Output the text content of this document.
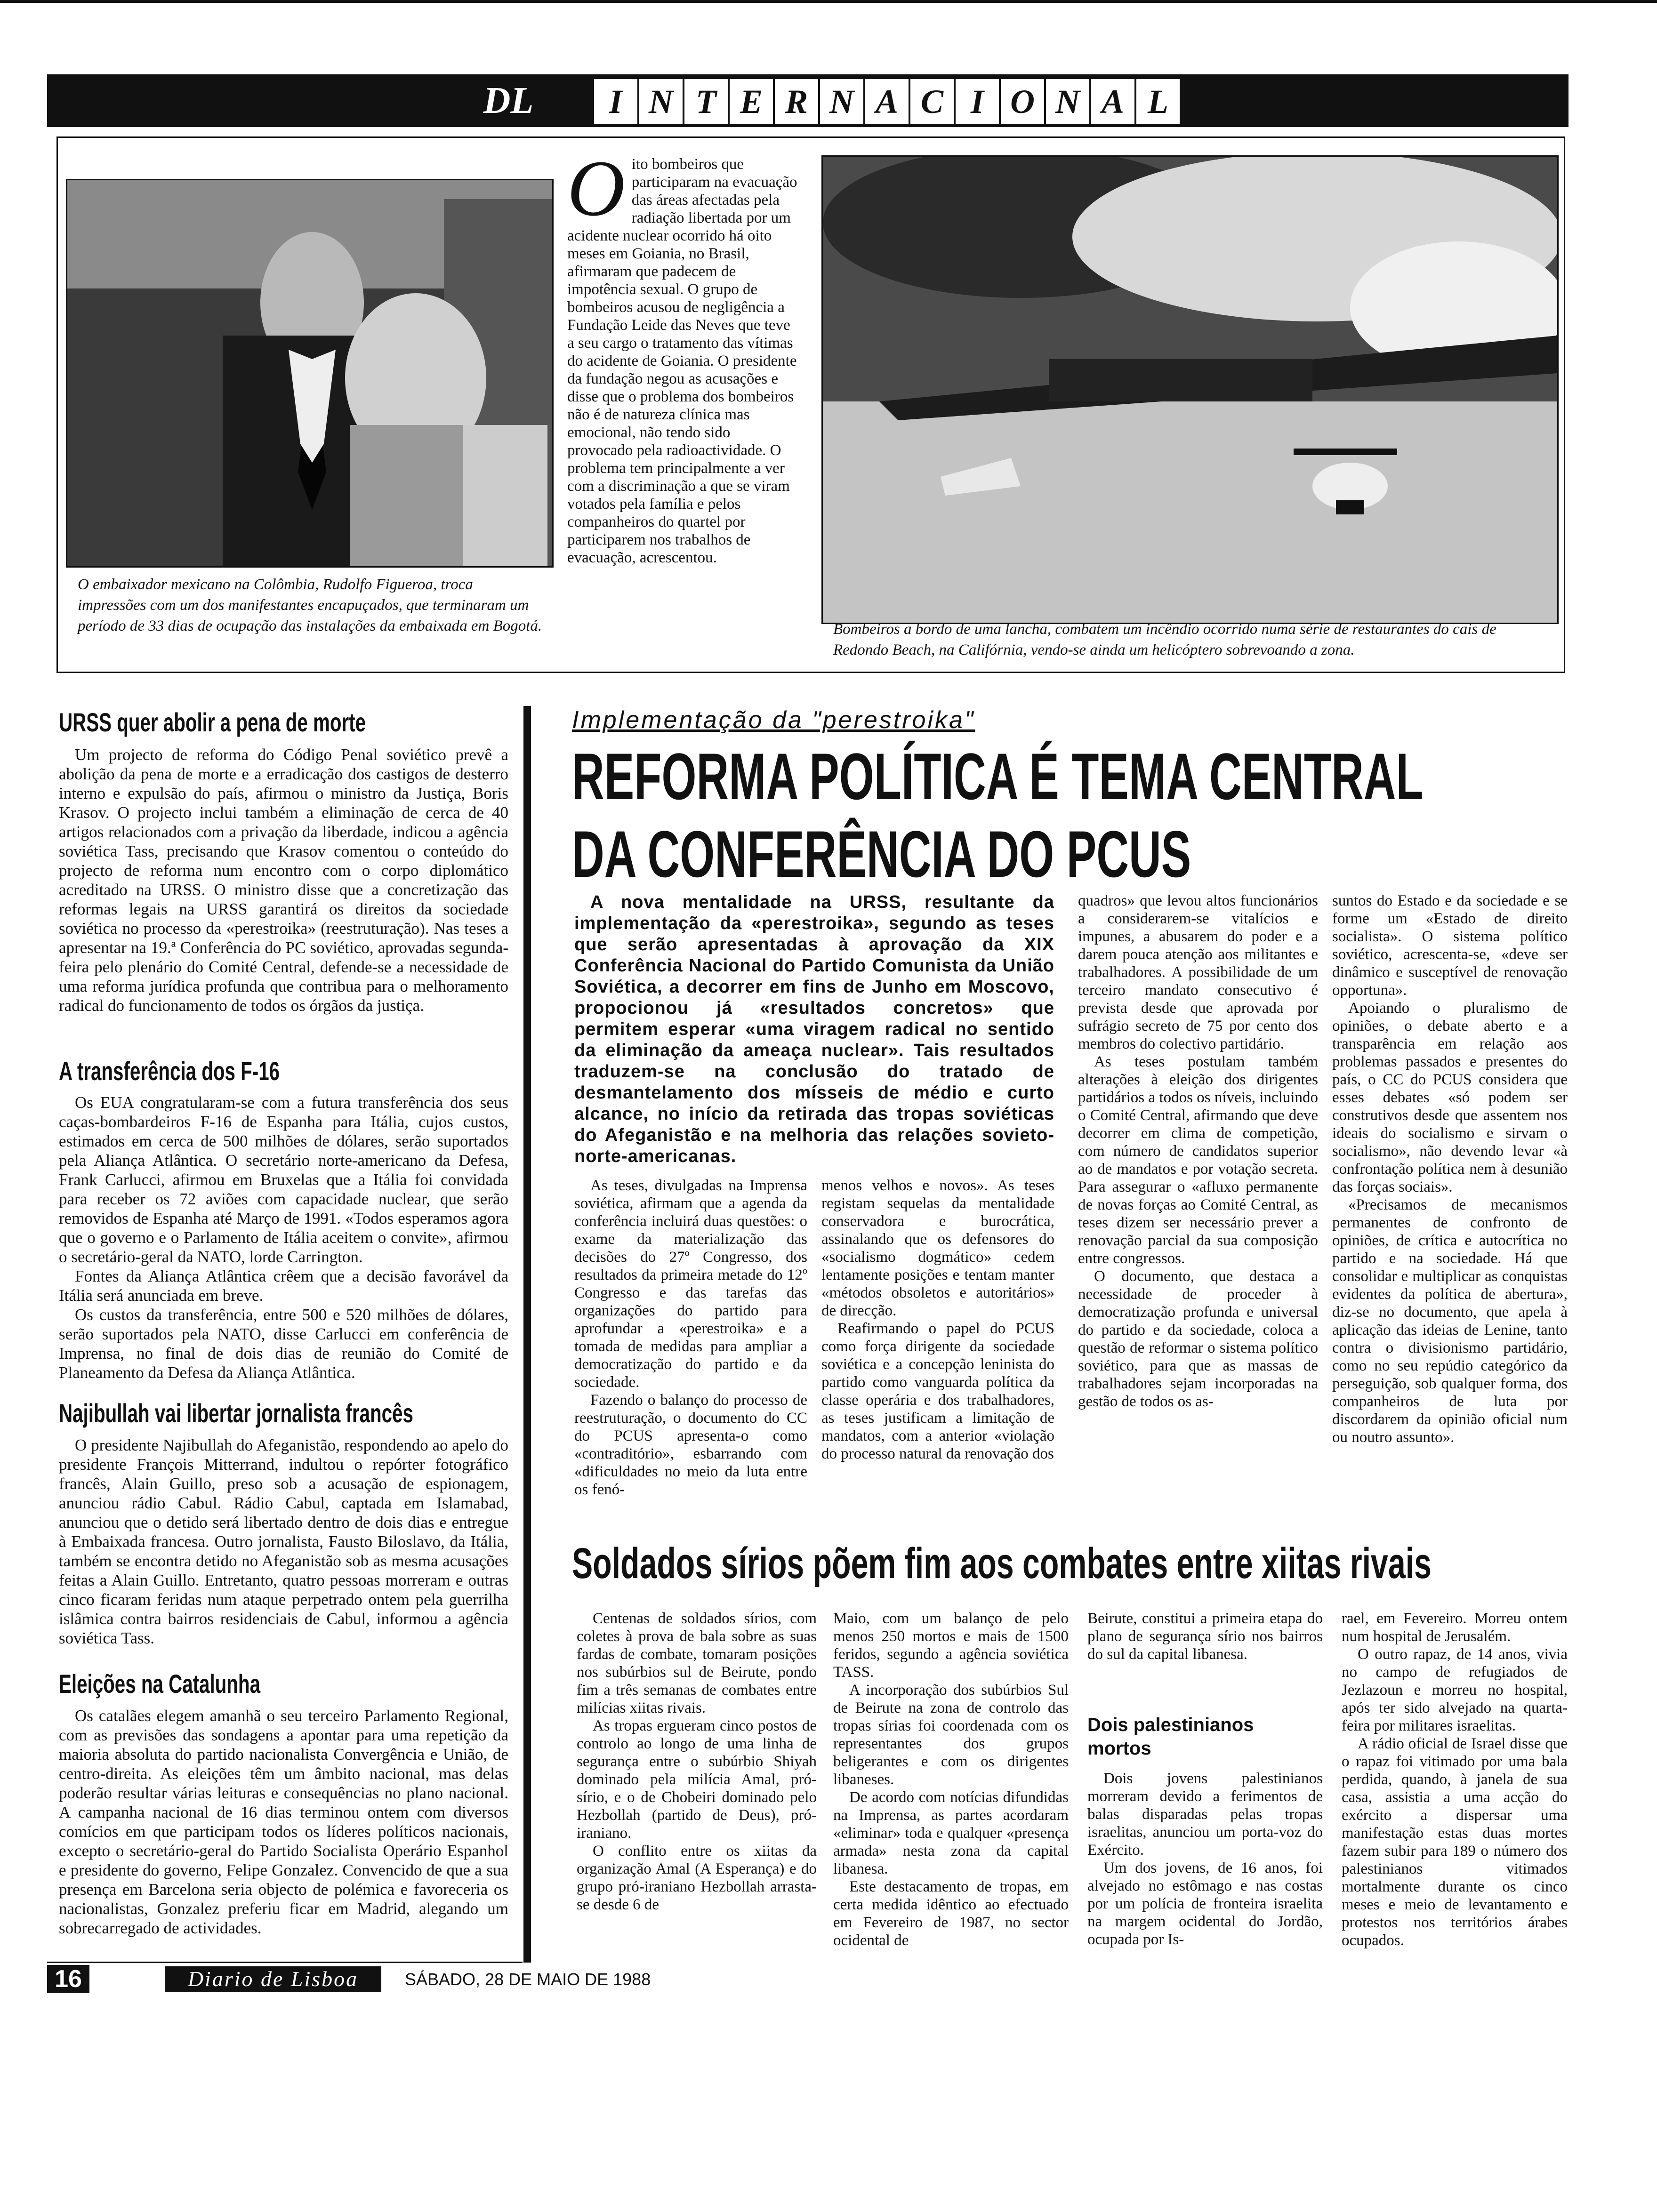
DL	I N T E R N A C I O N A L
O embaixador mexicano na Colômbia, Rudolfo Figueroa, troca impressões com um dos manifestantes encapuçados, que terminaram um período de 33 dias de ocupação das instalações da embaixada em Bogotá.
O ito bombeiros que participaram na evacuação das áreas afectadas pela radiação libertada por um acidente nuclear ocorrido há oito meses em Goiania, no Brasil, afirmaram que padecem de impotência sexual. O grupo de bombeiros acusou de negligência a Fundação Leide das Neves que teve a seu cargo o tratamento das vítimas do acidente de Goiania. O presidente da fundação negou as acusações e disse que o problema dos bombeiros não é de natureza clínica mas emocional, não tendo sido provocado pela radioactividade. O problema tem principalmente a ver com a discriminação a que se viram votados pela família e pelos companheiros do quartel por participarem nos trabalhos de evacuação, acrescentou.
Bombeiros a bordo de uma lancha, combatem um incêndio ocorrido numa série de restaurantes do cais de Redondo Beach, na Califórnia, vendo-se ainda um helicóptero sobrevoando a zona.
URSS quer abolir a pena de morte

Um projecto de reforma do Código Penal soviético prevê a abolição da pena de morte e a erradicação dos castigos de desterro interno e expulsão do país, afirmou o ministro da Justiça, Boris Krasov. O projecto inclui também a eliminação de cerca de 40 artigos relacionados com a privação da liberdade, indicou a agência soviética Tass, precisando que Krasov comentou o conteúdo do projecto de reforma num encontro com o corpo diplomático acreditado na URSS. O ministro disse que a concretização das reformas legais na URSS garantirá os direitos da sociedade soviética no processo da «perestroika» (reestruturação). Nas teses a apresentar na 19.ª Conferência do PC soviético, aprovadas segunda-feira pelo plenário do Comité Central, defende-se a necessidade de uma reforma jurídica profunda que contribua para o melhoramento radical do funcionamento de todos os órgãos da justiça.

A transferência dos F-16

Os EUA congratularam-se com a futura transferência dos seus caças-bombardeiros F-16 de Espanha para Itália, cujos custos, estimados em cerca de 500 milhões de dólares, serão suportados pela Aliança Atlântica. O secretário norte-americano da Defesa, Frank Carlucci, afirmou em Bruxelas que a Itália foi convidada para receber os 72 aviões com capacidade nuclear, que serão removidos de Espanha até Março de 1991. «Todos esperamos agora que o governo e o Parlamento de Itália aceitem o convite», afirmou o secretário-geral da NATO, lorde Carrington.

Fontes da Aliança Atlântica crêem que a decisão favorável da Itália será anunciada em breve.

Os custos da transferência, entre 500 e 520 milhões de dólares, serão suportados pela NATO, disse Carlucci em conferência de Imprensa, no final de dois dias de reunião do Comité de Planeamento da Defesa da Aliança Atlântica.

Najibullah vai libertar jornalista francês

O presidente Najibullah do Afeganistão, respondendo ao apelo do presidente François Mitterrand, indultou o repórter fotográfico francês, Alain Guillo, preso sob a acusação de espionagem, anunciou rádio Cabul. Rádio Cabul, captada em Islamabad, anunciou que o detido será libertado dentro de dois dias e entregue à Embaixada francesa. Outro jornalista, Fausto Biloslavo, da Itália, também se encontra detido no Afeganistão sob as mesma acusações feitas a Alain Guillo. Entretanto, quatro pessoas morreram e outras cinco ficaram feridas num ataque perpetrado ontem pela guerrilha islâmica contra bairros residenciais de Cabul, informou a agência soviética Tass.

Eleições na Catalunha

Os catalães elegem amanhã o seu terceiro Parlamento Regional, com as previsões das sondagens a apontar para uma repetição da maioria absoluta do partido nacionalista Convergência e União, de centro-direita. As eleições têm um âmbito nacional, mas delas poderão resultar várias leituras e consequências no plano nacional. A campanha nacional de 16 dias terminou ontem com diversos comícios em que participam todos os líderes políticos nacionais, excepto o secretário-geral do Partido Socialista Operário Espanhol e presidente do governo, Felipe Gonzalez. Convencido de que a sua presença em Barcelona seria objecto de polémica e favoreceria os nacionalistas, Gonzalez preferiu ficar em Madrid, alegando um sobrecarregado de actividades.

Implementação da "perestroika"
REFORMA POLÍTICA É TEMA CENTRAL
DA CONFERÊNCIA DO PCUS

A nova mentalidade na URSS, resultante da implementação da «perestroika», segundo as teses que serão apresentadas à aprovação da XIX Conferência Nacional do Partido Comunista da União Soviética, a decorrer em fins de Junho em Moscovo, propocionou já «resultados concretos» que permitem esperar «uma viragem radical no sentido da eliminação da ameaça nuclear». Tais resultados traduzem-se na conclusão do tratado de desmantelamento dos mísseis de médio e curto alcance, no início da retirada das tropas soviéticas do Afeganistão e na melhoria das relações sovieto-norte-americanas.

As teses, divulgadas na Imprensa soviética, afirmam que a agenda da conferência incluirá duas questões: o exame da materialização das decisões do 27º Congresso, dos resultados da primeira metade do 12º Congresso e das tarefas das organizações do partido para aprofundar a «perestroika» e a tomada de medidas para ampliar a democratização do partido e da sociedade.

Fazendo o balanço do processo de reestruturação, o documento do CC do PCUS apresenta-o como «contraditório», esbarrando com «dificuldades no meio da luta entre os fenó-

menos velhos e novos». As teses registam sequelas da mentalidade conservadora e burocrática, assinalando que os defensores do «socialismo dogmático» cedem lentamente posições e tentam manter «métodos obsoletos e autoritários» de direcção.

Reafirmando o papel do PCUS como força dirigente da sociedade soviética e a concepção leninista do partido como vanguarda política da classe operária e dos trabalhadores, as teses justificam a limitação de mandatos, com a anterior «violação do processo natural da renovação dos

quadros» que levou altos funcionários a considerarem-se vitalícios e impunes, a abusarem do poder e a darem pouca atenção aos militantes e trabalhadores. A possibilidade de um terceiro mandato consecutivo é prevista desde que aprovada por sufrágio secreto de 75 por cento dos membros do colectivo partidário.

As teses postulam também alterações à eleição dos dirigentes partidários a todos os níveis, incluindo o Comité Central, afirmando que deve decorrer em clima de competição, com número de candidatos superior ao de mandatos e por votação secreta. Para assegurar o «afluxo permanente de novas forças ao Comité Central, as teses dizem ser necessário prever a renovação parcial da sua composição entre congressos.

O documento, que destaca a necessidade de proceder à democratização profunda e universal do partido e da sociedade, coloca a questão de reformar o sistema político soviético, para que as massas de trabalhadores sejam incorporadas na gestão de todos os as-

suntos do Estado e da sociedade e se forme um «Estado de direito socialista». O sistema político soviético, acrescenta-se, «deve ser dinâmico e susceptível de renovação opportuna».

Apoiando o pluralismo de opiniões, o debate aberto e a transparência em relação aos problemas passados e presentes do país, o CC do PCUS considera que esses debates «só podem ser construtivos desde que assentem nos ideais do socialismo e sirvam o socialismo», não devendo levar «à confrontação política nem à desunião das forças sociais».

«Precisamos de mecanismos permanentes de confronto de opiniões, de crítica e autocrítica no partido e na sociedade. Há que consolidar e multiplicar as conquistas evidentes da política de abertura», diz-se no documento, que apela à aplicação das ideias de Lenine, tanto contra o divisionismo partidário, como no seu repúdio categórico da perseguição, sob qualquer forma, dos companheiros de luta por discordarem da opinião oficial num ou noutro assunto».

Soldados sírios põem fim aos combates entre xiitas rivais

Centenas de soldados sírios, com coletes à prova de bala sobre as suas fardas de combate, tomaram posições nos subúrbios sul de Beirute, pondo fim a três semanas de combates entre milícias xiitas rivais.

As tropas ergueram cinco postos de controlo ao longo de uma linha de segurança entre o subúrbio Shiyah dominado pela milícia Amal, pró-sírio, e o de Chobeiri dominado pelo Hezbollah (partido de Deus), pró-iraniano.

O conflito entre os xiitas da organização Amal (A Esperança) e do grupo pró-iraniano Hezbollah arrasta-se desde 6 de

Maio, com um balanço de pelo menos 250 mortos e mais de 1500 feridos, segundo a agência soviética TASS.

A incorporação dos subúrbios Sul de Beirute na zona de controlo das tropas sírias foi coordenada com os representantes dos grupos beligerantes e com os dirigentes libaneses.

De acordo com notícias difundidas na Imprensa, as partes acordaram «eliminar» toda e qualquer «presença armada» nesta zona da capital libanesa.

Este destacamento de tropas, em certa medida idêntico ao efectuado em Fevereiro de 1987, no sector ocidental de

Beirute, constitui a primeira etapa do plano de segurança sírio nos bairros do sul da capital libanesa.

Dois palestinianos mortos

Dois jovens palestinianos morreram devido a ferimentos de balas disparadas pelas tropas israelitas, anunciou um porta-voz do Exército.

Um dos jovens, de 16 anos, foi alvejado no estômago e nas costas por um polícia de fronteira israelita na margem ocidental do Jordão, ocupada por Is-

rael, em Fevereiro. Morreu ontem num hospital de Jerusalém.

O outro rapaz, de 14 anos, vivia no campo de refugiados de Jezlazoun e morreu no hospital, após ter sido alvejado na quarta-feira por militares israelitas.

A rádio oficial de Israel disse que o rapaz foi vitimado por uma bala perdida, quando, à janela de sua casa, assistia a uma acção do exército a dispersar uma manifestação estas duas mortes fazem subir para 189 o número dos palestinianos vitimados mortalmente durante os cinco meses e meio de levantamento e protestos nos territórios árabes ocupados.

16	Diario de Lisboa	SÁBADO, 28 DE MAIO DE 1988
